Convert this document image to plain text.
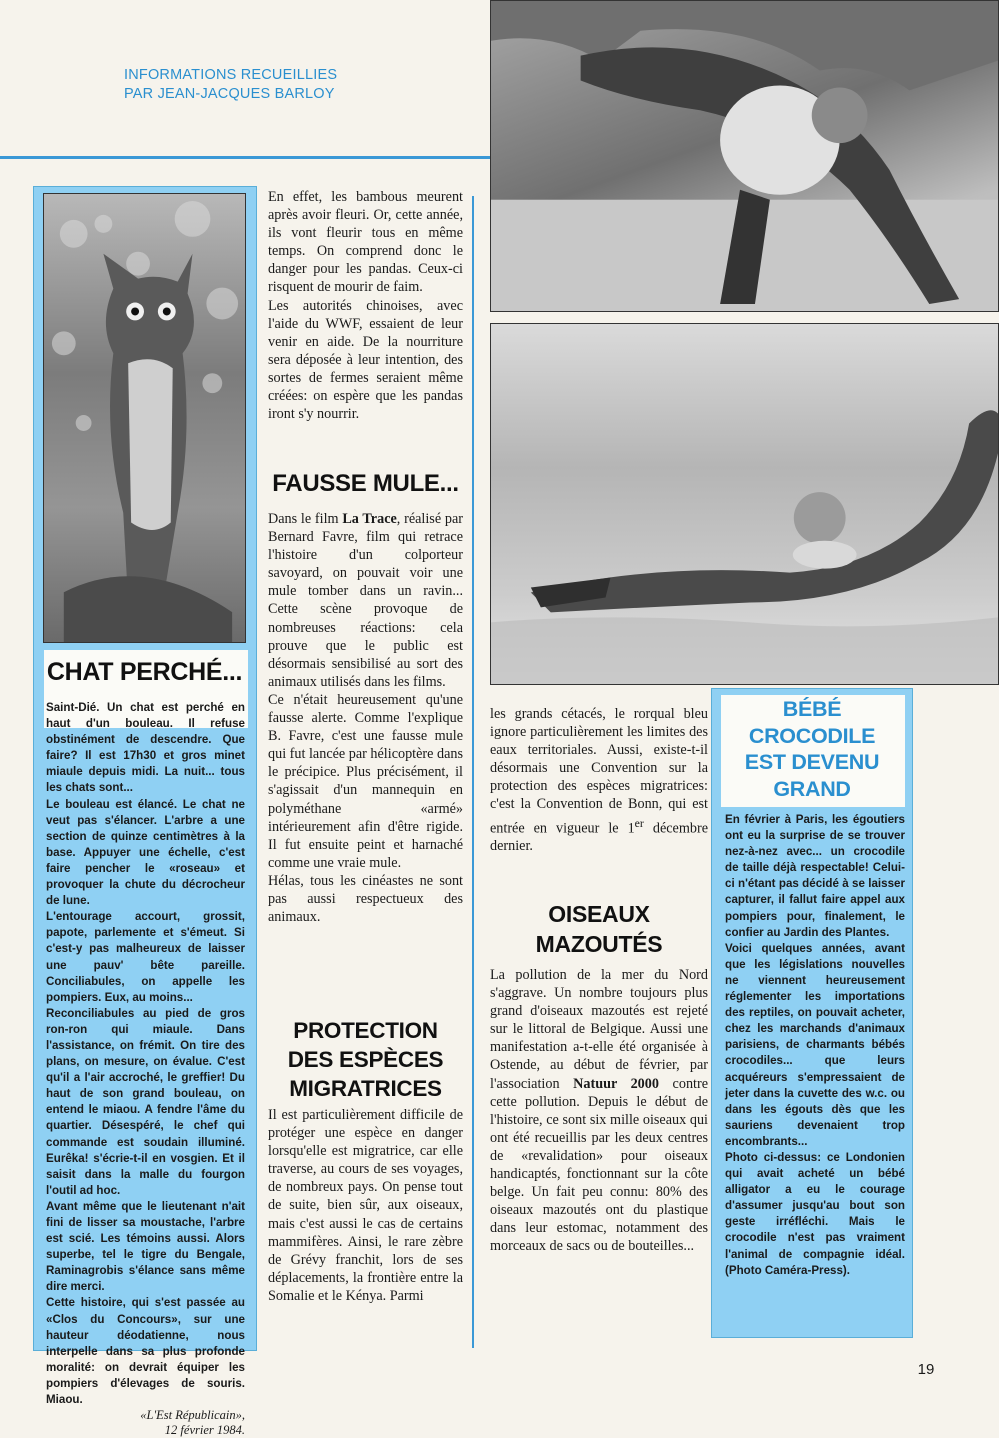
INFORMATIONS RECUEILLIES
PAR JEAN-JACQUES BARLOY
CHAT PERCHÉ...

Saint-Dié. Un chat est perché en haut d'un bouleau. Il refuse obstinément de descendre. Que faire? Il est 17h30 et gros minet miaule depuis midi. La nuit... tous les chats sont...

Le bouleau est élancé. Le chat ne veut pas s'élancer. L'arbre a une section de quinze centimètres à la base. Appuyer une échelle, c'est faire pencher le «roseau» et provoquer la chute du décrocheur de lune.

L'entourage accourt, grossit, papote, parlemente et s'émeut. Si c'est-y pas malheureux de laisser une pauv' bête pareille. Conciliabules, on appelle les pompiers. Eux, au moins...

Reconciliabules au pied de gros ron-ron qui miaule. Dans l'assistance, on frémit. On tire des plans, on mesure, on évalue. C'est qu'il a l'air accroché, le greffier! Du haut de son grand bouleau, on entend le miaou. A fendre l'âme du quartier. Désespéré, le chef qui commande est soudain illuminé. Eurêka! s'écrie-t-il en vosgien. Et il saisit dans la malle du fourgon l'outil ad hoc.

Avant même que le lieutenant n'ait fini de lisser sa moustache, l'arbre est scié. Les témoins aussi. Alors superbe, tel le tigre du Bengale, Raminagrobis s'élance sans même dire merci.

Cette histoire, qui s'est passée au «Clos du Concours», sur une hauteur déodatienne, nous interpelle dans sa plus profonde moralité: on devrait équiper les pompiers d'élevages de souris. Miaou.

«L'Est Républicain»,
12 février 1984.

En effet, les bambous meurent après avoir fleuri. Or, cette année, ils vont fleurir tous en même temps. On comprend donc le danger pour les pandas. Ceux-ci risquent de mourir de faim.

Les autorités chinoises, avec l'aide du WWF, essaient de leur venir en aide. De la nourriture sera déposée à leur intention, des sortes de fermes seraient même créées: on espère que les pandas iront s'y nourrir.

FAUSSE MULE...

Dans le film La Trace, réalisé par Bernard Favre, film qui retrace l'histoire d'un colporteur savoyard, on pouvait voir une mule tomber dans un ravin... Cette scène provoque de nombreuses réactions: cela prouve que le public est désormais sensibilisé au sort des animaux utilisés dans les films.

Ce n'était heureusement qu'une fausse alerte. Comme l'explique B. Favre, c'est une fausse mule qui fut lancée par hélicoptère dans le précipice. Plus précisément, il s'agissait d'un mannequin en polyméthane «armé» intérieurement afin d'être rigide. Il fut ensuite peint et harnaché comme une vraie mule.

Hélas, tous les cinéastes ne sont pas aussi respectueux des animaux.

PROTECTION
DES ESPÈCES
MIGRATRICES

Il est particulièrement difficile de protéger une espèce en danger lorsqu'elle est migratrice, car elle traverse, au cours de ses voyages, de nombreux pays. On pense tout de suite, bien sûr, aux oiseaux, mais c'est aussi le cas de certains mammifères. Ainsi, le rare zèbre de Grévy franchit, lors de ses déplacements, la frontière entre la Somalie et le Kénya. Parmi

les grands cétacés, le rorqual bleu ignore particulièrement les limites des eaux territoriales. Aussi, existe-t-il désormais une Convention sur la protection des espèces migratrices: c'est la Convention de Bonn, qui est entrée en vigueur le 1er décembre dernier.

OISEAUX
MAZOUTÉS

La pollution de la mer du Nord s'aggrave. Un nombre toujours plus grand d'oiseaux mazoutés est rejeté sur le littoral de Belgique. Aussi une manifestation a-t-elle été organisée à Ostende, au début de février, par l'association Natuur 2000 contre cette pollution. Depuis le début de l'histoire, ce sont six mille oiseaux qui ont été recueillis par les deux centres de «revalidation» pour oiseaux handicaptés, fonctionnant sur la côte belge. Un fait peu connu: 80% des oiseaux mazoutés ont du plastique dans leur estomac, notamment des morceaux de sacs ou de bouteilles...

BÉBÉ
CROCODILE
EST DEVENU
GRAND

En février à Paris, les égoutiers ont eu la surprise de se trouver nez-à-nez avec... un crocodile de taille déjà respectable! Celui-ci n'étant pas décidé à se laisser capturer, il fallut faire appel aux pompiers pour, finalement, le confier au Jardin des Plantes.

Voici quelques années, avant que les législations nouvelles ne viennent heureusement réglementer les importations des reptiles, on pouvait acheter, chez les marchands d'animaux parisiens, de charmants bébés crocodiles... que leurs acquéreurs s'empressaient de jeter dans la cuvette des w.c. ou dans les égouts dès que les sauriens devenaient trop encombrants...

Photo ci-dessus: ce Londonien qui avait acheté un bébé alligator a eu le courage d'assumer jusqu'au bout son geste irréfléchi. Mais le crocodile n'est pas vraiment l'animal de compagnie idéal. (Photo Caméra-Press).

19
